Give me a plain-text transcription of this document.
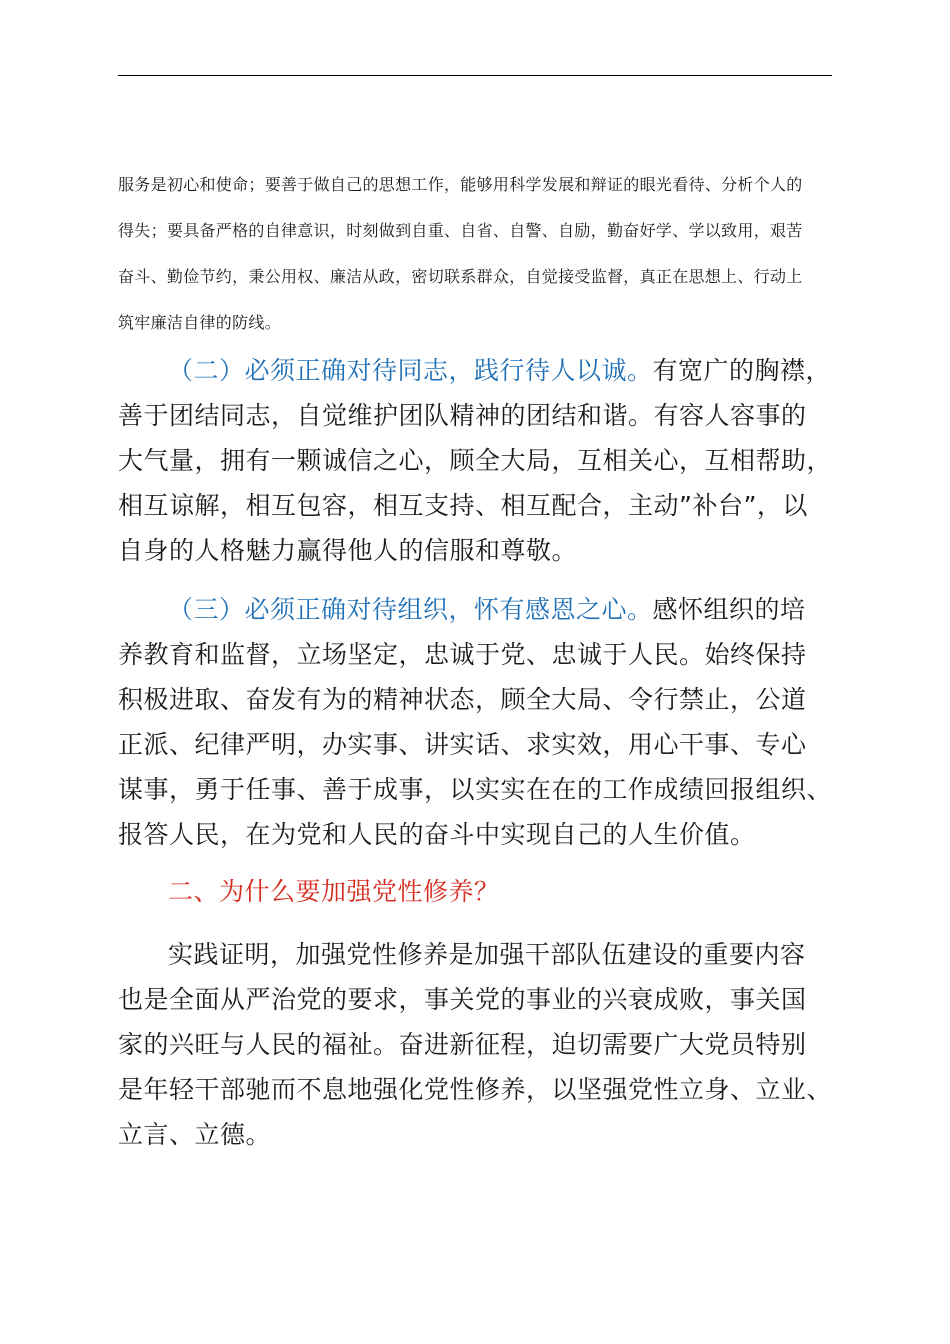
服务是初心和使命；要善于做自己的思想工作，能够用科学发展和辩证的眼光看待、分析个人的
得失；要具备严格的自律意识，时刻做到自重、自省、自警、自励，勤奋好学、学以致用，艰苦
奋斗、勤俭节约，秉公用权、廉洁从政，密切联系群众，自觉接受监督，真正在思想上、行动上
筑牢廉洁自律的防线。
（二）必须正确对待同志，践行待人以诚。有宽广的胸襟，
善于团结同志，自觉维护团队精神的团结和谐。有容人容事的
大气量，拥有一颗诚信之心，顾全大局，互相关心，互相帮助，
相互谅解，相互包容，相互支持、相互配合，主动”补台”，以
自身的人格魅力赢得他人的信服和尊敬。
（三）必须正确对待组织，怀有感恩之心。感怀组织的培
养教育和监督，立场坚定，忠诚于党、忠诚于人民。始终保持
积极进取、奋发有为的精神状态，顾全大局、令行禁止，公道
正派、纪律严明，办实事、讲实话、求实效，用心干事、专心
谋事，勇于任事、善于成事，以实实在在的工作成绩回报组织、
报答人民，在为党和人民的奋斗中实现自己的人生价值。
二、为什么要加强党性修养？
实践证明，加强党性修养是加强干部队伍建设的重要内容
也是全面从严治党的要求，事关党的事业的兴衰成败，事关国
家的兴旺与人民的福祉。奋进新征程，迫切需要广大党员特别
是年轻干部驰而不息地强化党性修养，以坚强党性立身、立业、
立言、立德。
